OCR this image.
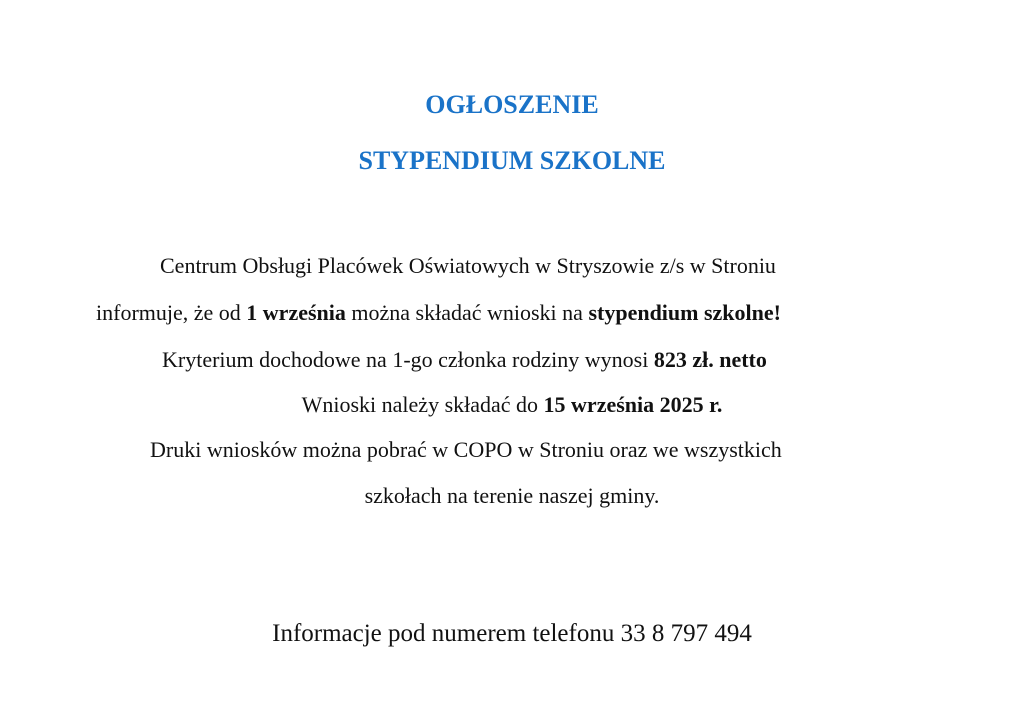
OGŁOSZENIE
STYPENDIUM SZKOLNE
Centrum Obsługi Placówek Oświatowych w Stryszowie z/s w Stroniu
informuje, że od 1 września można składać wnioski na stypendium szkolne!
Kryterium dochodowe na 1-go członka rodziny wynosi 823 zł. netto
Wnioski należy składać do 15 września 2025 r.
Druki wniosków można pobrać w COPO w Stroniu oraz we wszystkich
szkołach na terenie naszej gminy.
Informacje pod numerem telefonu 33 8 797 494
